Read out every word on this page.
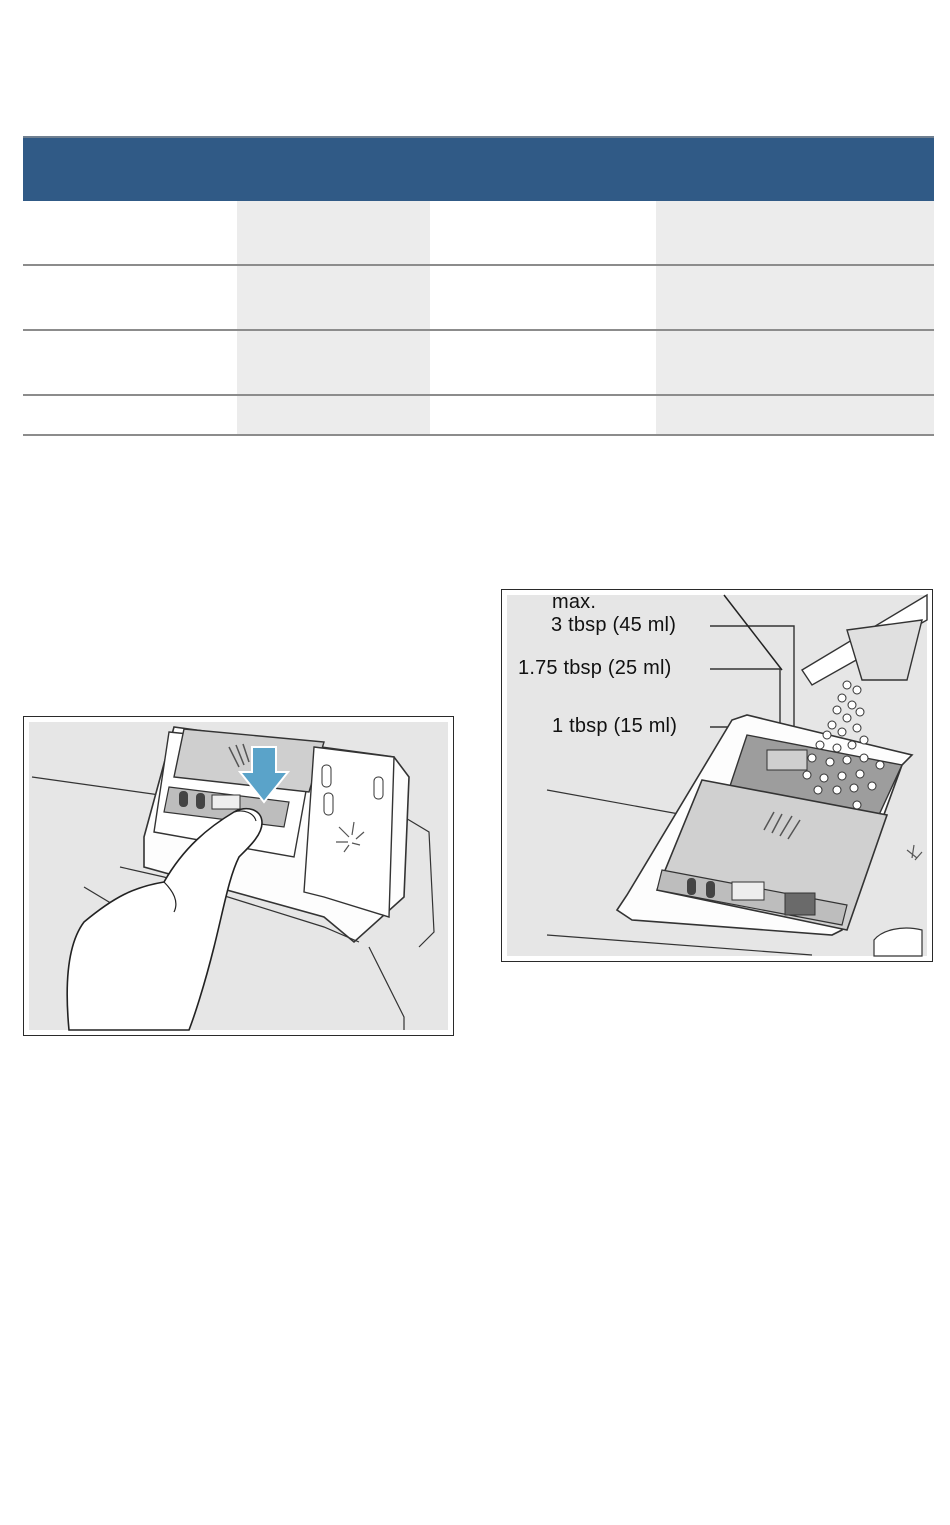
max.
3 tbsp (45 ml)
1.75 tbsp (25 ml)
1 tbsp (15 ml)
